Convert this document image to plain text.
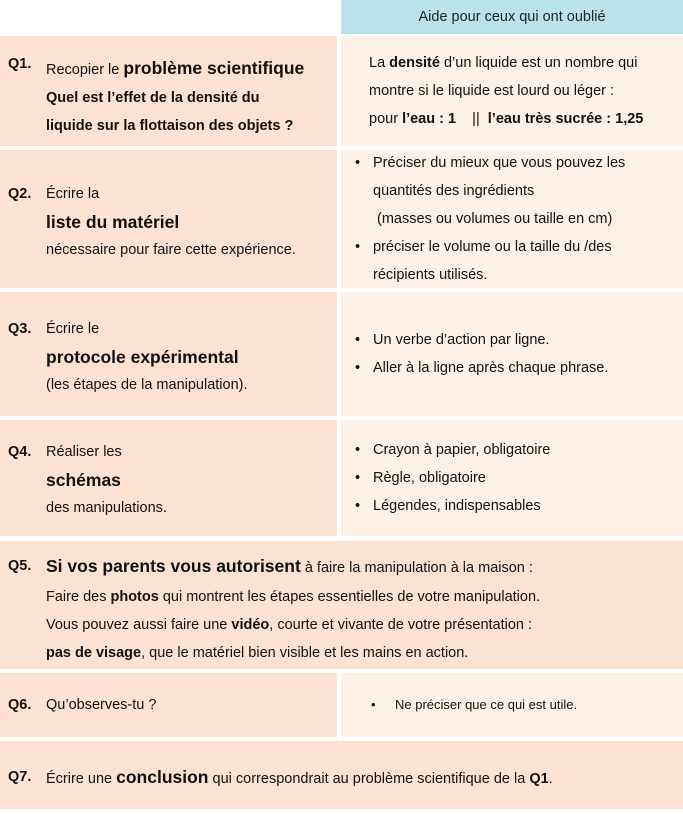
Aide pour ceux qui ont oublié
Q1. Recopier le problème scientifique
Quel est l’effet de la densité du
liquide sur la flottaison des objets ?
La densité d’un liquide est un nombre qui
montre si le liquide est lourd ou léger :
pour l’eau : 1    ||  l’eau très sucrée : 1,25
Q2. Écrire la
liste du matériel
nécessaire pour faire cette expérience.
• Préciser du mieux que vous pouvez les
quantités des ingrédients
(masses ou volumes ou taille en cm)
• préciser le volume ou la taille du /des
récipients utilisés.
Q3. Écrire le
protocole expérimental
(les étapes de la manipulation).
• Un verbe d’action par ligne.
• Aller à la ligne après chaque phrase.
Q4. Réaliser les
schémas
des manipulations.
• Crayon à papier, obligatoire
• Règle, obligatoire
• Légendes, indispensables
Q5. Si vos parents vous autorisent à faire la manipulation à la maison :
Faire des photos qui montrent les étapes essentielles de votre manipulation.
Vous pouvez aussi faire une vidéo, courte et vivante de votre présentation :
pas de visage, que le matériel bien visible et les mains en action.
Q6. Qu’observes-tu ?	•	Ne préciser que ce qui est utile.
Q7. Écrire une conclusion qui correspondrait au problème scientifique de la Q1.
